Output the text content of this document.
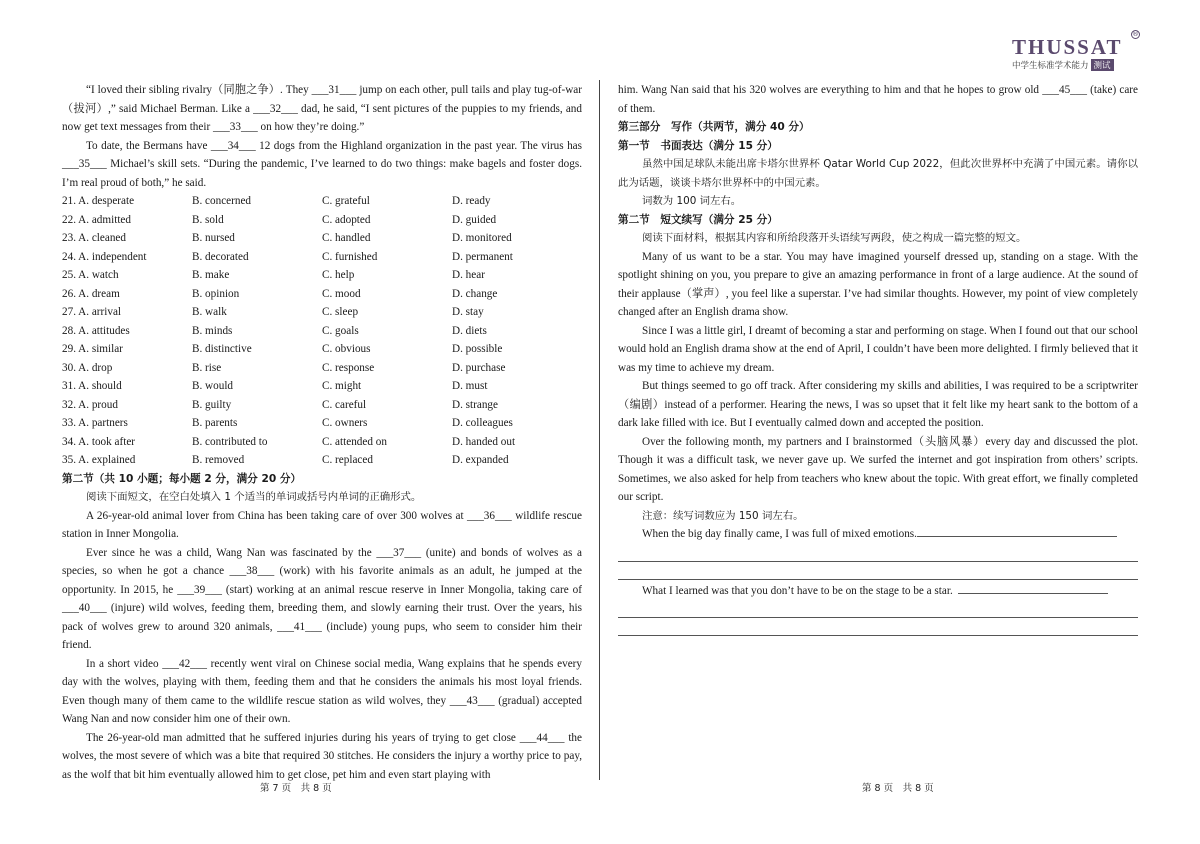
THUSSAT
®
中学生标准学术能力 测试

“I loved their sibling rivalry（同胞之争）. They ___31___ jump on each other, pull tails and play tug-of-war（拔河）,” said Michael Berman. Like a ___32___ dad, he said, “I sent pictures of the puppies to my friends, and now get text messages from their ___33___ on how they’re doing.”

To date, the Bermans have ___34___ 12 dogs from the Highland organization in the past year. The virus has ___35___ Michael’s skill sets. “During the pandemic, I’ve learned to do two things: make bagels and foster dogs. I’m real proud of both,” he said.

21. A. desperate	B. concerned	C. grateful	D. ready
22. A. admitted	B. sold	C. adopted	D. guided
23. A. cleaned	B. nursed	C. handled	D. monitored
24. A. independent	B. decorated	C. furnished	D. permanent
25. A. watch	B. make	C. help	D. hear
26. A. dream	B. opinion	C. mood	D. change
27. A. arrival	B. walk	C. sleep	D. stay
28. A. attitudes	B. minds	C. goals	D. diets
29. A. similar	B. distinctive	C. obvious	D. possible
30. A. drop	B. rise	C. response	D. purchase
31. A. should	B. would	C. might	D. must
32. A. proud	B. guilty	C. careful	D. strange
33. A. partners	B. parents	C. owners	D. colleagues
34. A. took after	B. contributed to	C. attended on	D. handed out
35. A. explained	B. removed	C. replaced	D. expanded

第二节（共 10 小题；每小题 2 分，满分 20 分）

阅读下面短文，在空白处填入 1 个适当的单词或括号内单词的正确形式。

A 26-year-old animal lover from China has been taking care of over 300 wolves at ___36___ wildlife rescue station in Inner Mongolia.

Ever since he was a child, Wang Nan was fascinated by the ___37___ (unite) and bonds of wolves as a species, so when he got a chance ___38___ (work) with his favorite animals as an adult, he jumped at the opportunity. In 2015, he ___39___ (start) working at an animal rescue reserve in Inner Mongolia, taking care of ___40___ (injure) wild wolves, feeding them, breeding them, and slowly earning their trust. Over the years, his pack of wolves grew to around 320 animals, ___41___ (include) young pups, who seem to consider him their friend.

In a short video ___42___ recently went viral on Chinese social media, Wang explains that he spends every day with the wolves, playing with them, feeding them and that he considers the animals his most loyal friends. Even though many of them came to the wildlife rescue station as wild wolves, they ___43___ (gradual) accepted Wang Nan and now consider him one of their own.

The 26-year-old man admitted that he suffered injuries during his years of trying to get close ___44___ the wolves, the most severe of which was a bite that required 30 stitches. He considers the injury a worthy price to pay, as the wolf that bit him eventually allowed him to get close, pet him and even start playing with

第 7 页　共 8 页

him. Wang Nan said that his 320 wolves are everything to him and that he hopes to grow old ___45___ (take) care of them.

第三部分　写作（共两节，满分 40 分）

第一节　书面表达（满分 15 分）

虽然中国足球队未能出席卡塔尔世界杯 Qatar World Cup 2022，但此次世界杯中充满了中国元素。请你以此为话题，谈谈卡塔尔世界杯中的中国元素。

词数为 100 词左右。

第二节　短文续写（满分 25 分）

阅读下面材料，根据其内容和所给段落开头语续写两段，使之构成一篇完整的短文。

Many of us want to be a star. You may have imagined yourself dressed up, standing on a stage. With the spotlight shining on you, you prepare to give an amazing performance in front of a large audience. At the sound of their applause（掌声）, you feel like a superstar. I’ve had similar thoughts. However, my point of view completely changed after an English drama show.

Since I was a little girl, I dreamt of becoming a star and performing on stage. When I found out that our school would hold an English drama show at the end of April, I couldn’t have been more delighted. I firmly believed that it was my time to achieve my dream.

But things seemed to go off track. After considering my skills and abilities, I was required to be a scriptwriter（编剧）instead of a performer. Hearing the news, I was so upset that it felt like my heart sank to the bottom of a dark lake filled with ice. But I eventually calmed down and accepted the position.

Over the following month, my partners and I brainstormed（头脑风暴）every day and discussed the plot. Though it was a difficult task, we never gave up. We surfed the internet and got inspiration from others’ scripts. Sometimes, we also asked for help from teachers who knew about the topic. With great effort, we finally completed our script.

注意：续写词数应为 150 词左右。

When the big day finally came, I was full of mixed emotions.

What I learned was that you don’t have to be on the stage to be a star.

第 8 页　共 8 页
